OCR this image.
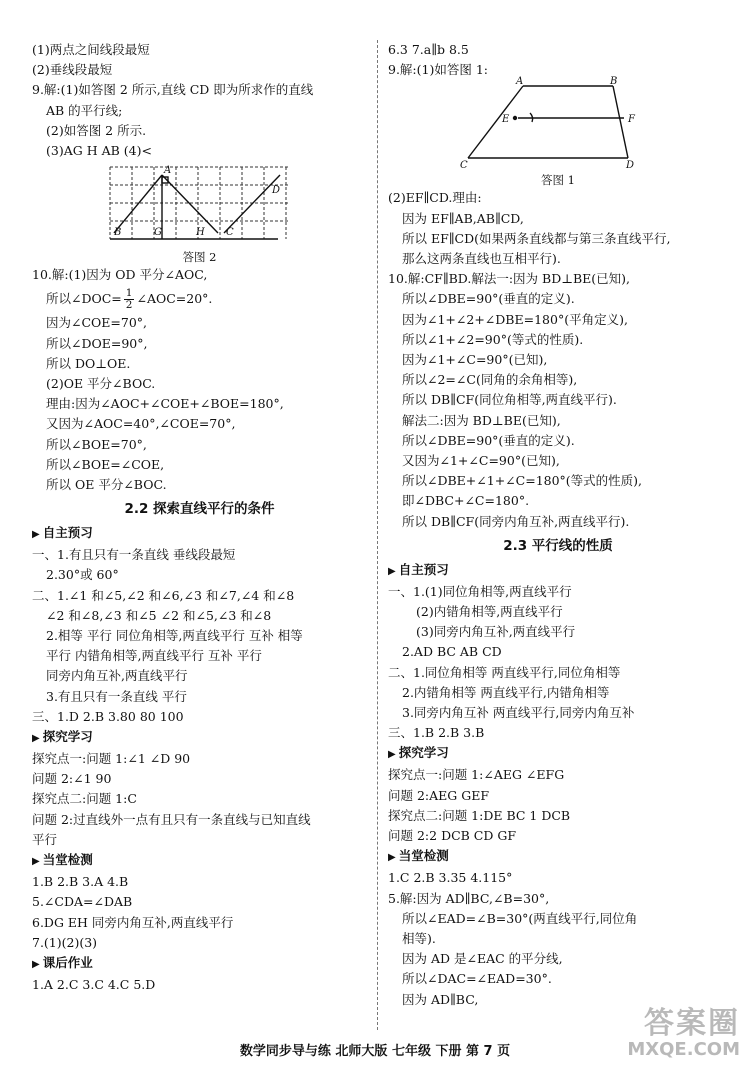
(1)两点之间线段最短
(2)垂线段最短
9.解:(1)如答图 2 所示,直线 CD 即为所求作的直线
AB 的平行线;
(2)如答图 2 所示.
(3)AG H AB (4)<
A
B	G	H C
D
答图 2
10.解:(1)因为 OD 平分∠AOC,
所以∠DOC= $\frac{1}{2}$ ∠AOC=20°.
因为∠COE=70°,
所以∠DOE=90°,
所以 DO⊥OE.
(2)OE 平分∠BOC.
理由:因为∠AOC+∠COE+∠BOE=180°,
又因为∠AOC=40°,∠COE=70°,
所以∠BOE=70°,
所以∠BOE=∠COE,
所以 OE 平分∠BOC.
2.2 探索直线平行的条件
▶ 自主预习
一、1.有且只有一条直线 垂线段最短
2.30°或 60°
二、1.∠1 和∠5,∠2 和∠6,∠3 和∠7,∠4 和∠8
∠2 和∠8,∠3 和∠5 ∠2 和∠5,∠3 和∠8
2.相等 平行 同位角相等,两直线平行 互补 相等
平行 内错角相等,两直线平行 互补 平行
同旁内角互补,两直线平行
3.有且只有一条直线 平行
三、1.D 2.B 3.80 80 100
▶ 探究学习
探究点一:问题 1:∠1 ∠D 90
问题 2:∠1 90
探究点二:问题 1:C
问题 2:过直线外一点有且只有一条直线与已知直线
平行
▶ 当堂检测
1.B 2.B 3.A 4.B
5.∠CDA=∠DAB
6.DG EH 同旁内角互补,两直线平行
7.(1)(2)(3)
▶ 课后作业
1.A 2.C 3.C 4.C 5.D
6.3 7.a∥b 8.5
9.解:(1)如答图 1:
A	B
E	F
C	D
答图 1
(2)EF∥CD.理由:
因为 EF∥AB,AB∥CD,
所以 EF∥CD(如果两条直线都与第三条直线平行,
那么这两条直线也互相平行).
10.解:CF∥BD.解法一:因为 BD⊥BE(已知),
所以∠DBE=90°(垂直的定义).
因为∠1+∠2+∠DBE=180°(平角定义),
所以∠1+∠2=90°(等式的性质).
因为∠1+∠C=90°(已知),
所以∠2=∠C(同角的余角相等),
所以 DB∥CF(同位角相等,两直线平行).
解法二:因为 BD⊥BE(已知),
所以∠DBE=90°(垂直的定义).
又因为∠1+∠C=90°(已知),
所以∠DBE+∠1+∠C=180°(等式的性质),
即∠DBC+∠C=180°.
所以 DB∥CF(同旁内角互补,两直线平行).
2.3 平行线的性质
▶ 自主预习
一、1.(1)同位角相等,两直线平行
(2)内错角相等,两直线平行
(3)同旁内角互补,两直线平行
2.AD BC AB CD
二、1.同位角相等 两直线平行,同位角相等
2.内错角相等 两直线平行,内错角相等
3.同旁内角互补 两直线平行,同旁内角互补
三、1.B 2.B 3.B
▶ 探究学习
探究点一:问题 1:∠AEG ∠EFG
问题 2:AEG GEF
探究点二:问题 1:DE BC 1 DCB
问题 2:2 DCB CD GF
▶ 当堂检测
1.C 2.B 3.35 4.115°
5.解:因为 AD∥BC,∠B=30°,
所以∠EAD=∠B=30°(两直线平行,同位角
相等).
因为 AD 是∠EAC 的平分线,
所以∠DAC=∠EAD=30°.
因为 AD∥BC,
数学同步导与练 北师大版 七年级 下册 第 7 页
答案圈
MXQE.COM
